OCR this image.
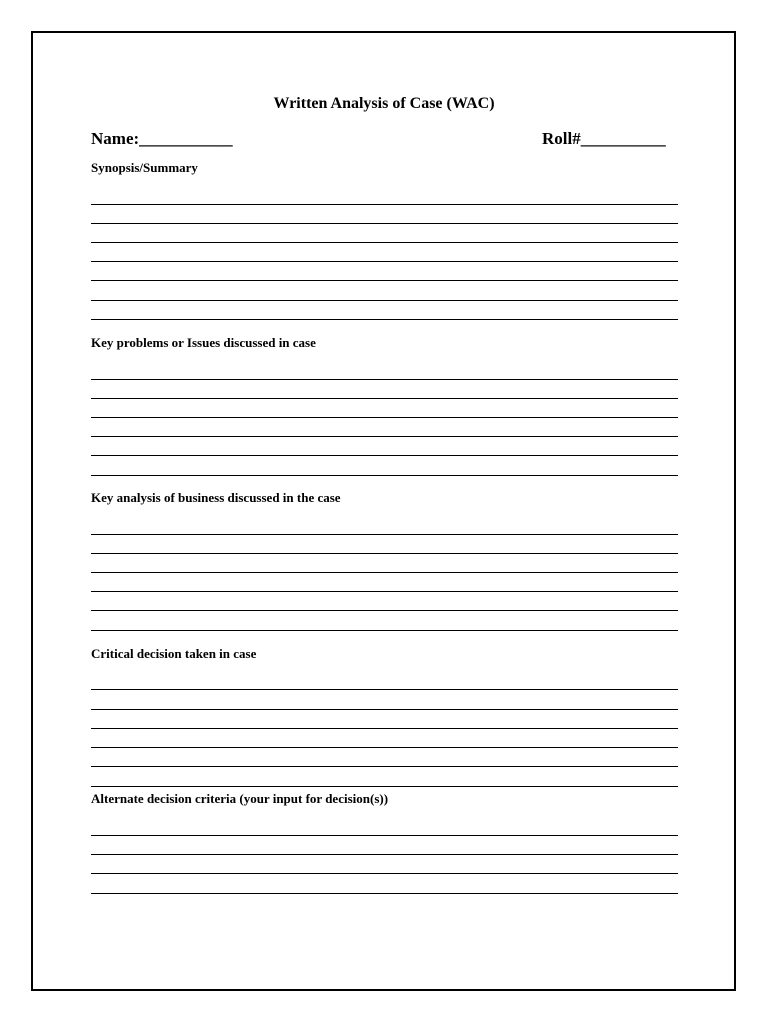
Written Analysis of Case (WAC)
Name:___________	Roll#__________
Synopsis/Summary
Key problems or Issues discussed in case
Key analysis of business discussed in the case
Critical decision taken in case
Alternate decision criteria (your input for decision(s))
